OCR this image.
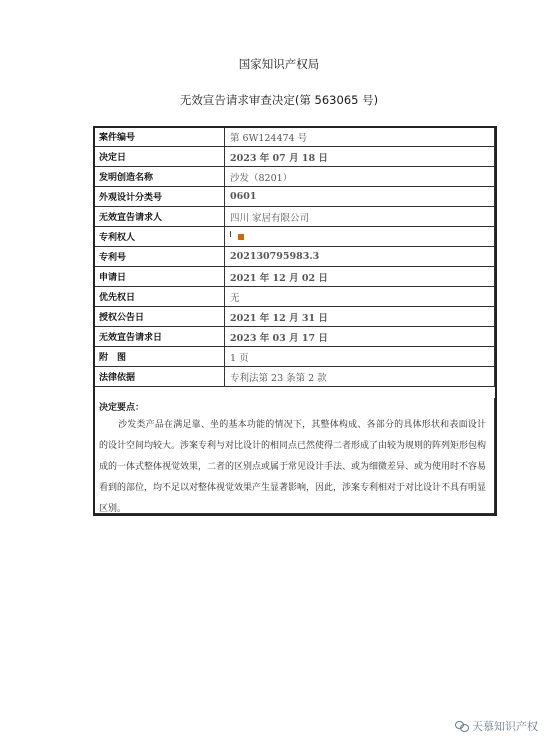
国家知识产权局
无效宣告请求审查决定(第 563065 号)
案件编号	第 6W124474 号
决定日	2023 年 07 月 18 日
发明创造名称	沙发（8201）
外观设计分类号	0601
无效宣告请求人	四川 家居有限公司
专利权人	
专利号	202130795983.3
申请日	2021 年 12 月 02 日
优先权日	无
授权公告日	2021 年 12 月 31 日
无效宣告请求日	2023 年 03 月 17 日
附　图	1 页
法律依据	专利法第 23 条第 2 款
决定要点：
沙发类产品在满足靠、坐的基本功能的情况下，其整体构成、各部分的具体形状和表面设计的设计空间均较大。涉案专利与对比设计的相同点已然使得二者形成了由较为规则的阵列矩形包构成的一体式整体视觉效果，二者的区别点或属于常见设计手法、或为细微差异、或为使用时不容易看到的部位，均不足以对整体视觉效果产生显著影响，因此，涉案专利相对于对比设计不具有明显区别。
天慕知识产权
